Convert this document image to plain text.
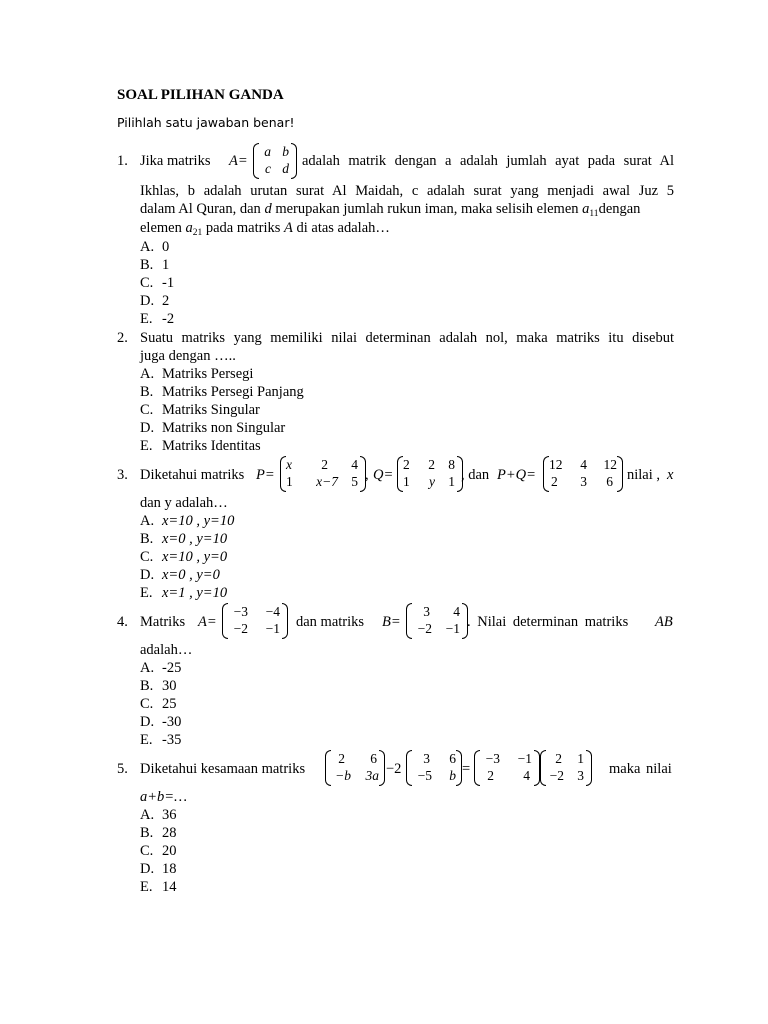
SOAL PILIHAN GANDA
Pilihlah satu jawaban benar!
1. Jika matriks A=
a b
c d adalah matrik dengan a adalah jumlah ayat pada surat Al
Ikhlas, b adalah urutan surat Al Maidah, c adalah surat yang menjadi awal Juz 5
dalam Al Quran, dan d merupakan jumlah rukun iman, maka selisih elemen $a_{11}dengan$
elemen $a_{21}$ pada matriks A di atas adalah…
A. 0
B. 1
C. -1
D. 2
E. -2
2. Suatu matriks yang memiliki nilai determinan adalah nol, maka matriks itu disebut
juga dengan …..
A. Matriks Persegi
B. Matriks Persegi Panjang
C. Matriks Singular
D. Matriks non Singular
E. Matriks Identitas
3. Diketahui matriks P=
x	2	4
1	x−7 5 , Q=
2	2 8
1	y 1 , dan P+Q=
12	4	12
2	3	6 nilai , x
dan y adalah…
A. x=10 , y=10
B. x=0 , y=10
C. x=10 , y=0
D. x=0 , y=0
E. x=1 , y=10
4. Matriks A=
−3	−4
−2	−1 dan matriks B=
3	4
−2	−1 . Nilai determinan matriks AB
adalah…
A. -25
B. 30
C. 25
D. -30
E. -35
5. Diketahui kesamaan matriks
2	6
−b	3a −2
3	6
−5	b =
−3	−1
2	4
2	1
−2 3 maka nilai
a+b=…
A. 36
B. 28
C. 20
D. 18
E. 14
